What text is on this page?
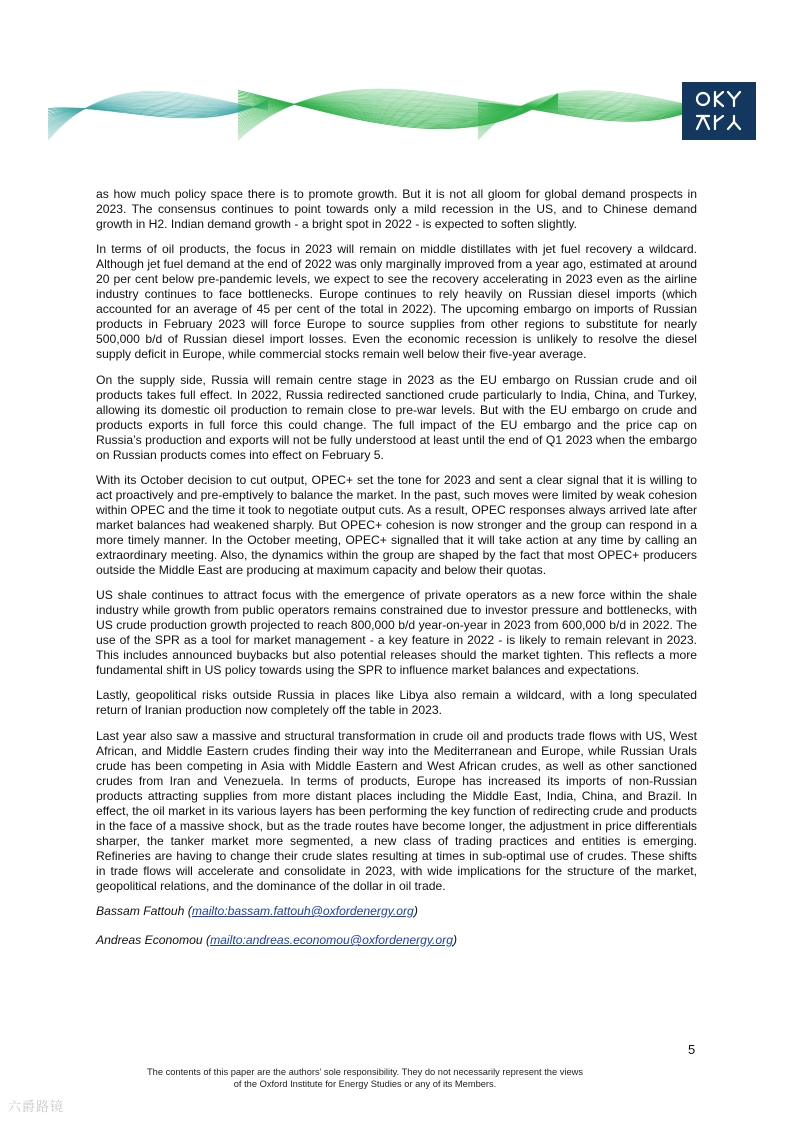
as how much policy space there is to promote growth. But it is not all gloom for global demand prospects in 2023. The consensus continues to point towards only a mild recession in the US, and to Chinese demand growth in H2. Indian demand growth - a bright spot in 2022 - is expected to soften slightly.

In terms of oil products, the focus in 2023 will remain on middle distillates with jet fuel recovery a wildcard. Although jet fuel demand at the end of 2022 was only marginally improved from a year ago, estimated at around 20 per cent below pre-pandemic levels, we expect to see the recovery accelerating in 2023 even as the airline industry continues to face bottlenecks. Europe continues to rely heavily on Russian diesel imports (which accounted for an average of 45 per cent of the total in 2022). The upcoming embargo on imports of Russian products in February 2023 will force Europe to source supplies from other regions to substitute for nearly 500,000 b/d of Russian diesel import losses. Even the economic recession is unlikely to resolve the diesel supply deficit in Europe, while commercial stocks remain well below their five-year average.

On the supply side, Russia will remain centre stage in 2023 as the EU embargo on Russian crude and oil products takes full effect. In 2022, Russia redirected sanctioned crude particularly to India, China, and Turkey, allowing its domestic oil production to remain close to pre-war levels. But with the EU embargo on crude and products exports in full force this could change. The full impact of the EU embargo and the price cap on Russia’s production and exports will not be fully understood at least until the end of Q1 2023 when the embargo on Russian products comes into effect on February 5.

With its October decision to cut output, OPEC+ set the tone for 2023 and sent a clear signal that it is willing to act proactively and pre-emptively to balance the market. In the past, such moves were limited by weak cohesion within OPEC and the time it took to negotiate output cuts. As a result, OPEC responses always arrived late after market balances had weakened sharply. But OPEC+ cohesion is now stronger and the group can respond in a more timely manner. In the October meeting, OPEC+ signalled that it will take action at any time by calling an extraordinary meeting. Also, the dynamics within the group are shaped by the fact that most OPEC+ producers outside the Middle East are producing at maximum capacity and below their quotas.

US shale continues to attract focus with the emergence of private operators as a new force within the shale industry while growth from public operators remains constrained due to investor pressure and bottlenecks, with US crude production growth projected to reach 800,000 b/d year-on-year in 2023 from 600,000 b/d in 2022. The use of the SPR as a tool for market management - a key feature in 2022 - is likely to remain relevant in 2023. This includes announced buybacks but also potential releases should the market tighten. This reflects a more fundamental shift in US policy towards using the SPR to influence market balances and expectations.

Lastly, geopolitical risks outside Russia in places like Libya also remain a wildcard, with a long speculated return of Iranian production now completely off the table in 2023.

Last year also saw a massive and structural transformation in crude oil and products trade flows with US, West African, and Middle Eastern crudes finding their way into the Mediterranean and Europe, while Russian Urals crude has been competing in Asia with Middle Eastern and West African crudes, as well as other sanctioned crudes from Iran and Venezuela. In terms of products, Europe has increased its imports of non-Russian products attracting supplies from more distant places including the Middle East, India, China, and Brazil. In effect, the oil market in its various layers has been performing the key function of redirecting crude and products in the face of a massive shock, but as the trade routes have become longer, the adjustment in price differentials sharper, the tanker market more segmented, a new class of trading practices and entities is emerging. Refineries are having to change their crude slates resulting at times in sub-optimal use of crudes. These shifts in trade flows will accelerate and consolidate in 2023, with wide implications for the structure of the market, geopolitical relations, and the dominance of the dollar in oil trade.

Bassam Fattouh (mailto:bassam.fattouh@oxfordenergy.org)

Andreas Economou (mailto:andreas.economou@oxfordenergy.org)

5
The contents of this paper are the authors’ sole responsibility. They do not necessarily represent the views
of the Oxford Institute for Energy Studies or any of its Members.
六爵路镜
